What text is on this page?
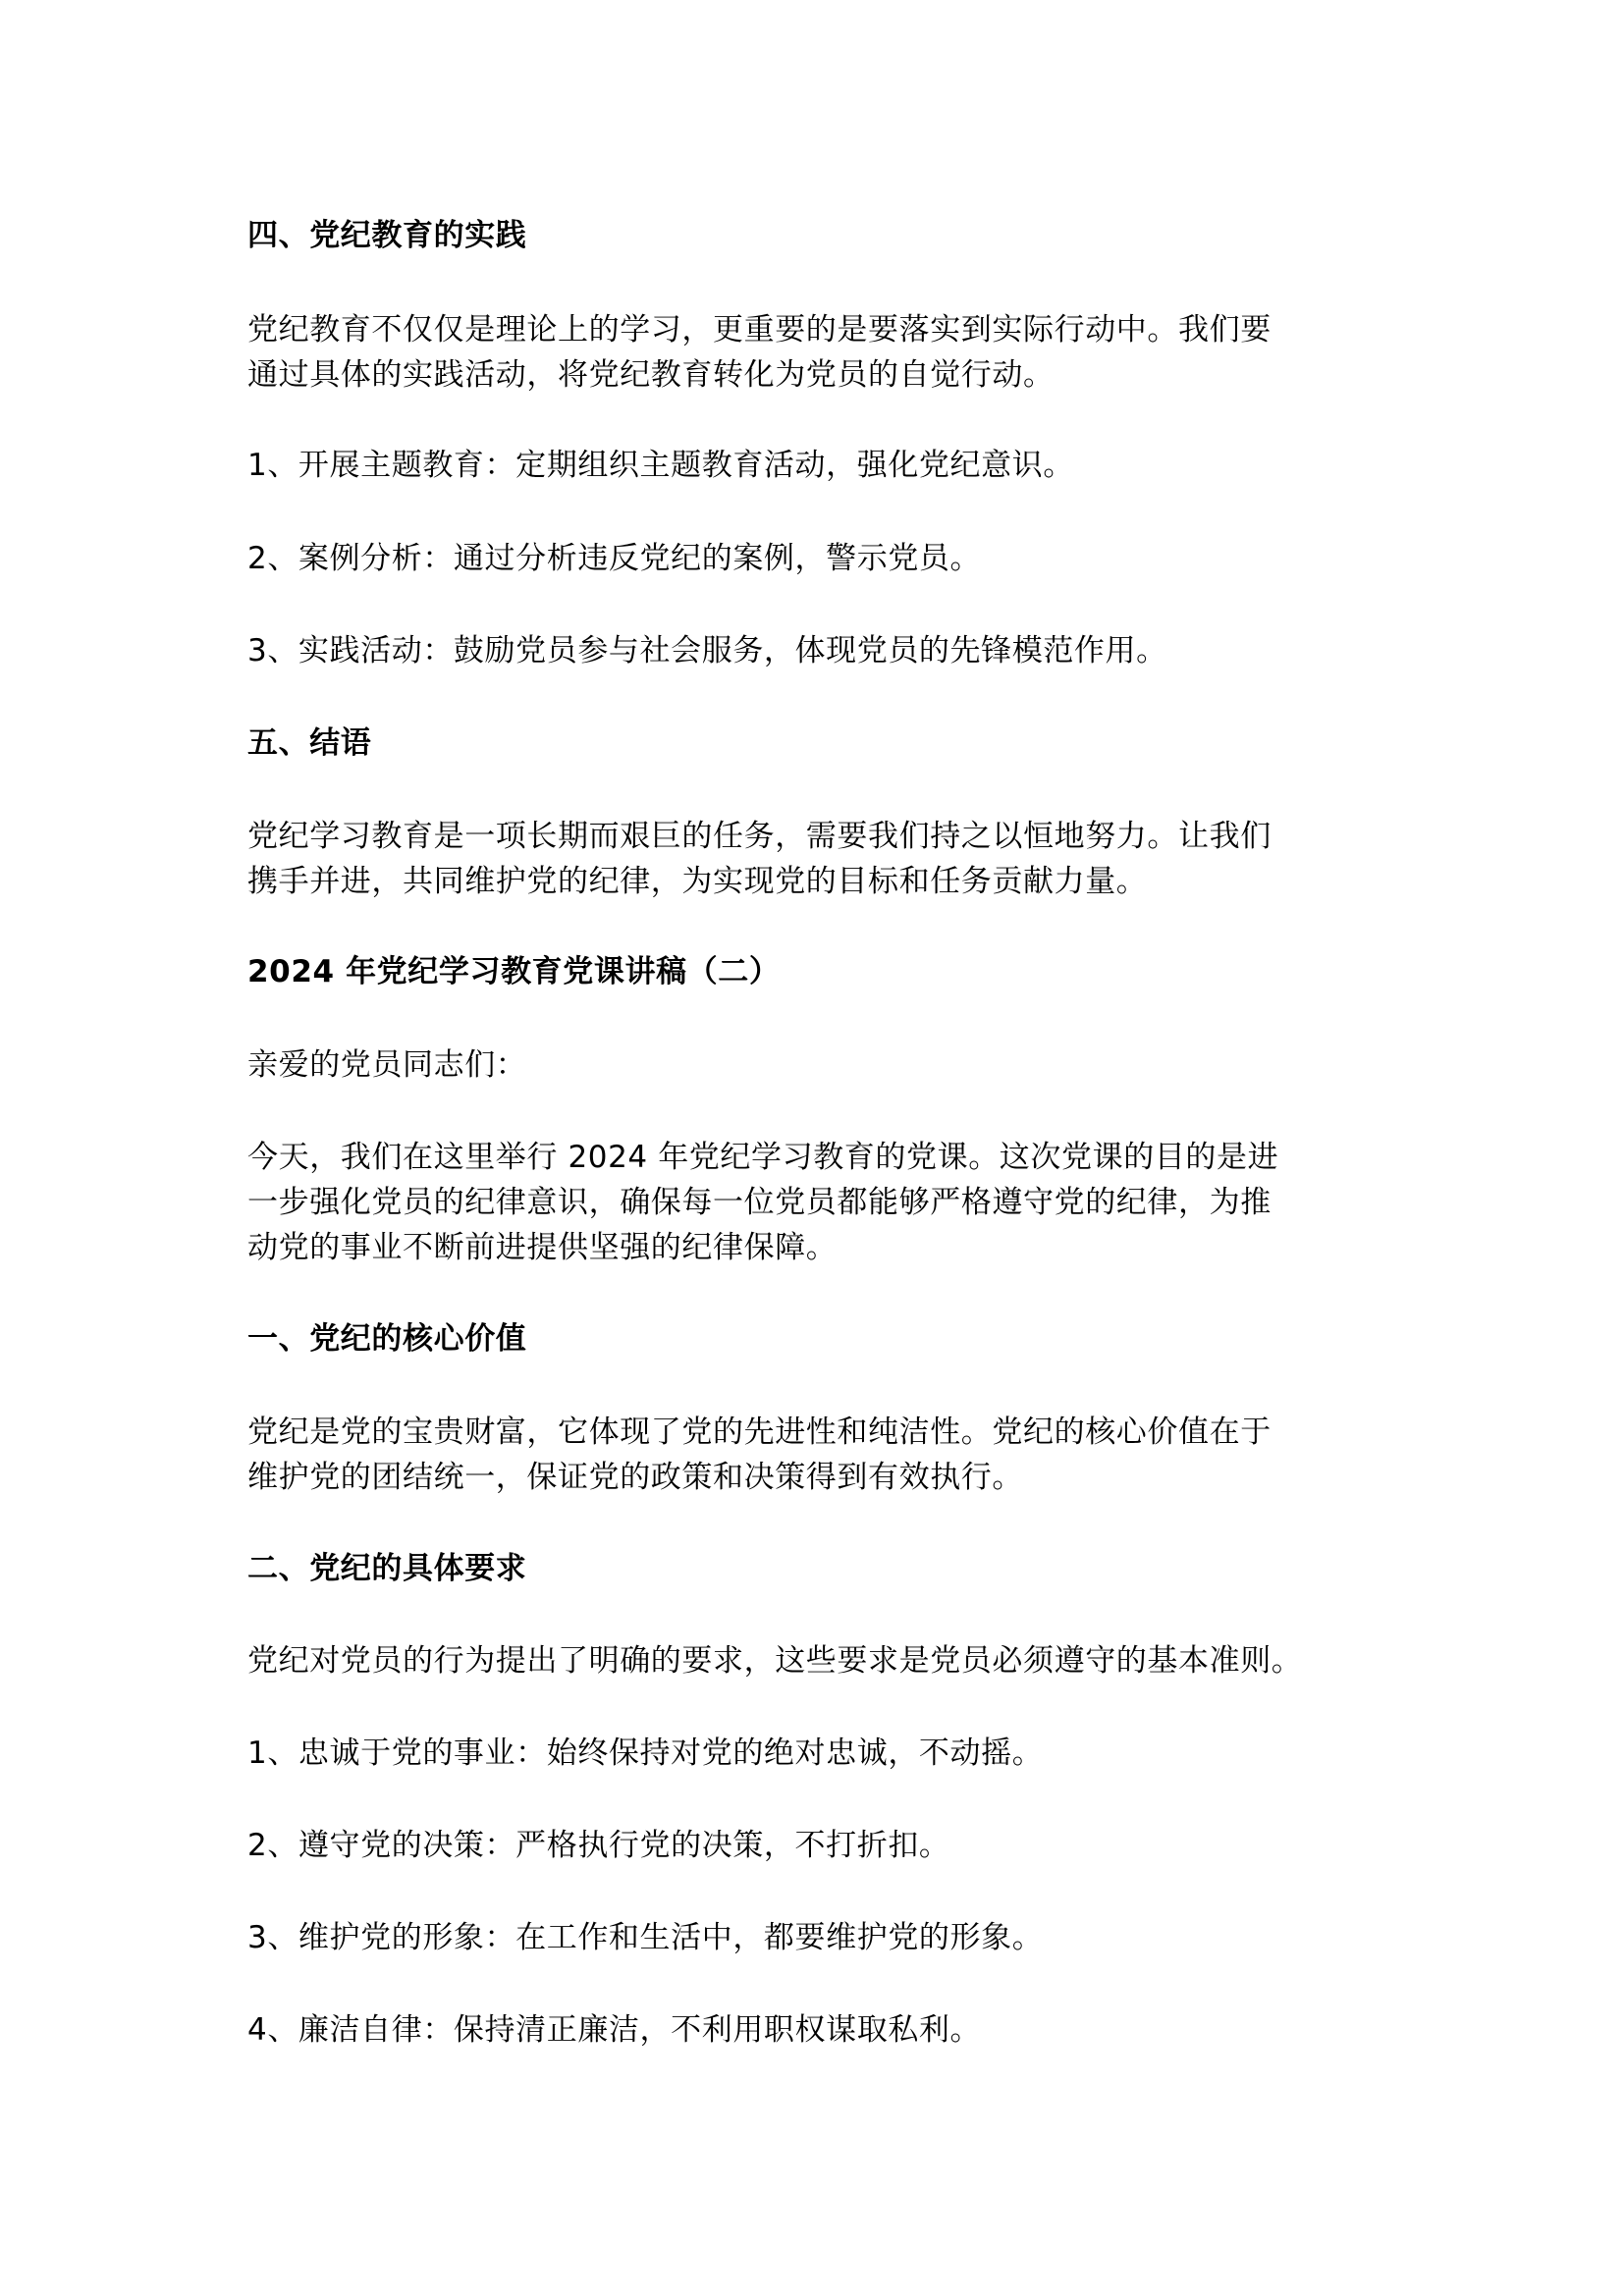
四、党纪教育的实践

党纪教育不仅仅是理论上的学习，更重要的是要落实到实际行动中。我们要

通过具体的实践活动，将党纪教育转化为党员的自觉行动。

1、开展主题教育：定期组织主题教育活动，强化党纪意识。

2、案例分析：通过分析违反党纪的案例，警示党员。

3、实践活动：鼓励党员参与社会服务，体现党员的先锋模范作用。

五、结语

党纪学习教育是一项长期而艰巨的任务，需要我们持之以恒地努力。让我们

携手并进，共同维护党的纪律，为实现党的目标和任务贡献力量。

2024 年党纪学习教育党课讲稿（二）

亲爱的党员同志们：

今天，我们在这里举行 2024 年党纪学习教育的党课。这次党课的目的是进

一步强化党员的纪律意识，确保每一位党员都能够严格遵守党的纪律，为推

动党的事业不断前进提供坚强的纪律保障。

一、党纪的核心价值

党纪是党的宝贵财富，它体现了党的先进性和纯洁性。党纪的核心价值在于

维护党的团结统一，保证党的政策和决策得到有效执行。

二、党纪的具体要求

党纪对党员的行为提出了明确的要求，这些要求是党员必须遵守的基本准则。

1、忠诚于党的事业：始终保持对党的绝对忠诚，不动摇。

2、遵守党的决策：严格执行党的决策，不打折扣。

3、维护党的形象：在工作和生活中，都要维护党的形象。

4、廉洁自律：保持清正廉洁，不利用职权谋取私利。
